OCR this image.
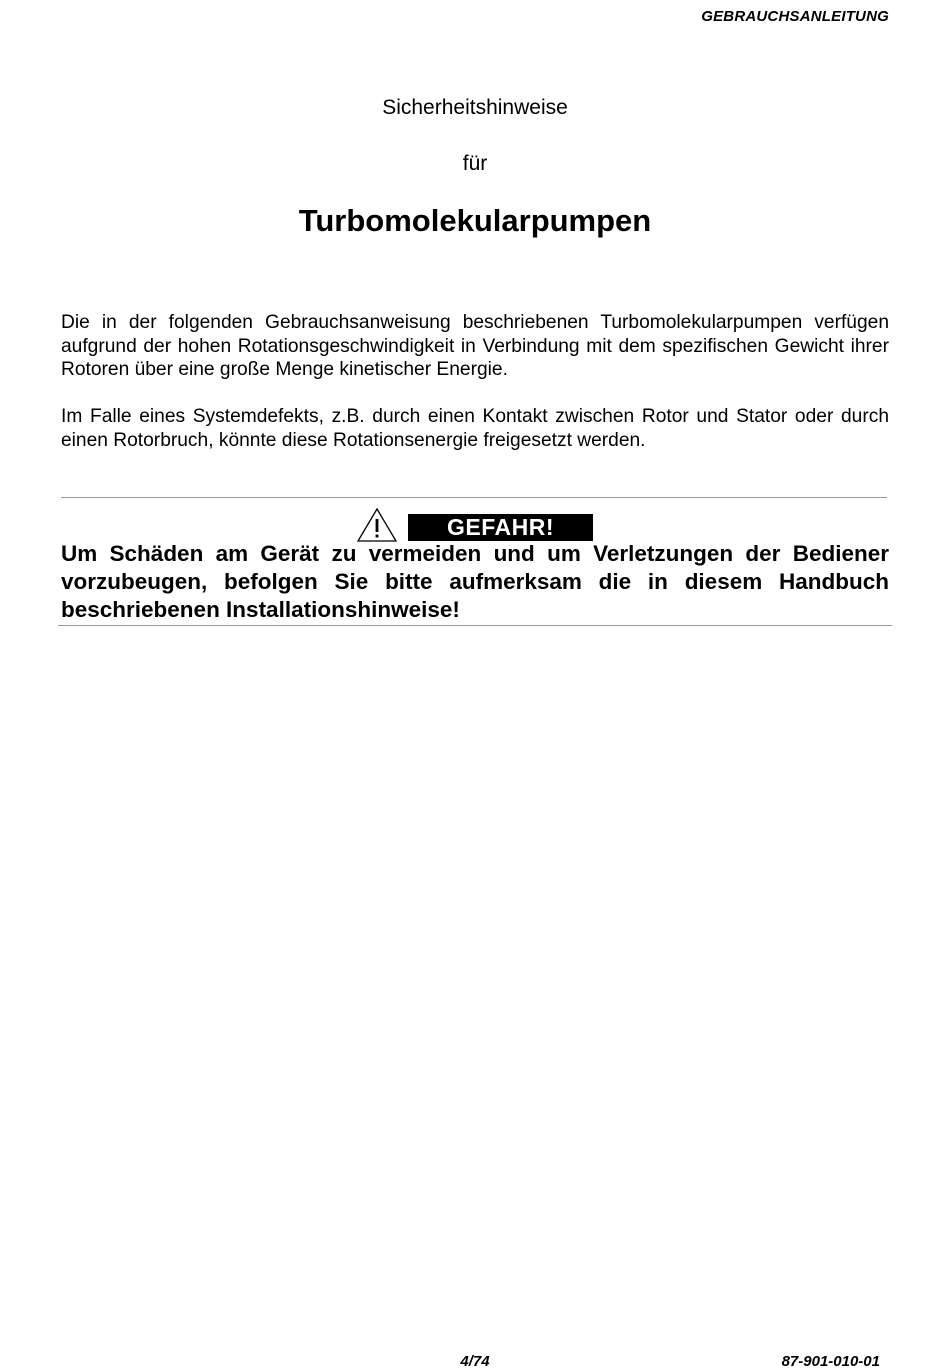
GEBRAUCHSANLEITUNG
Sicherheitshinweise
für
Turbomolekularpumpen

Die in der folgenden Gebrauchsanweisung beschriebenen Turbomolekularpumpen verfügen aufgrund der hohen Rotationsgeschwindigkeit in Verbindung mit dem spezifischen Gewicht ihrer Rotoren über eine große Menge kinetischer Energie.

Im Falle eines Systemdefekts, z.B. durch einen Kontakt zwischen Rotor und Stator oder durch einen Rotorbruch, könnte diese Rotationsenergie freigesetzt werden.

GEFAHR!

Um Schäden am Gerät zu vermeiden und um Verletzungen der Bediener vorzubeugen, befolgen Sie bitte aufmerksam die in diesem Handbuch beschriebenen Installationshinweise!

4/74	87-901-010-01
